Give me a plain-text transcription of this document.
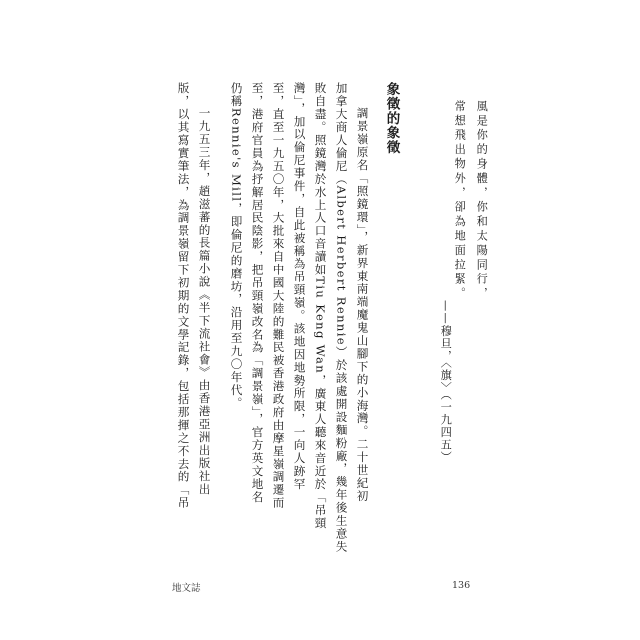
風是你的身體，你和太陽同行，
常想飛出物外，卻為地面拉緊。
——穆旦，〈旗〉（一九四五）
象徵的象徵
調景嶺原名「照鏡環」，新界東南端魔鬼山腳下的小海灣。二十世紀初
加拿大商人倫尼（Albert Herbert Rennie）於該處開設麵粉廠，幾年後生意失
敗自盡。照鏡灣於水上人口音讀如Tiu Keng Wan，廣東人聽來音近於「吊頸
灣」，加以倫尼事件，自此被稱為吊頸嶺。該地因地勢所限，一向人跡罕
至，直至一九五〇年，大批來自中國大陸的難民被香港政府由摩星嶺調遷而
至，港府官員為抒解居民陰影，把吊頸嶺改名為「調景嶺」，官方英文地名
仍稱Rennie's Mill，即倫尼的磨坊，沿用至九〇年代。
一九五三年，趙滋蕃的長篇小說《半下流社會》由香港亞洲出版社出
版，以其寫實筆法，為調景嶺留下初期的文學記錄，包括那揮之不去的「吊
地文誌	136
